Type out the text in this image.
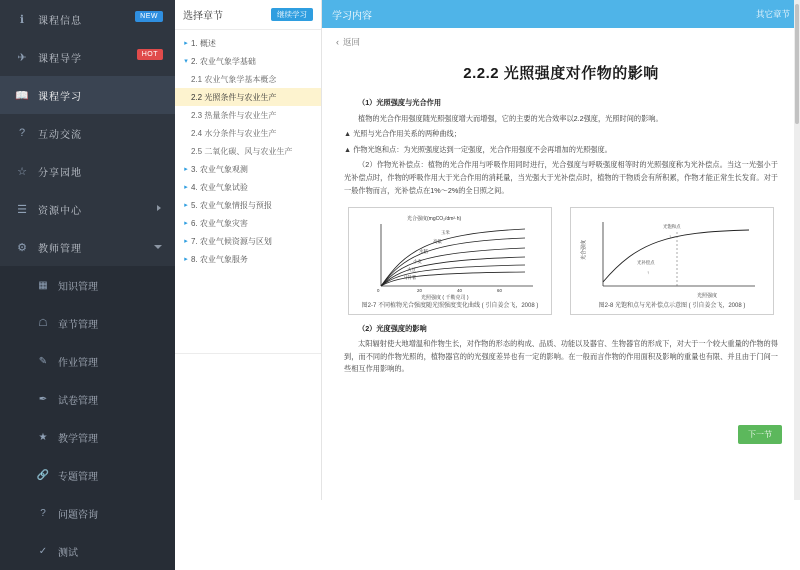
ℹ	课程信息	NEW
✈	课程导学	HOT
📖 课程学习
?	互动交流
☆	分享园地
☰	资源中心
⚙	教师管理
▦ 知识管理
☖ 章节管理
✎ 作业管理
✒ 试卷管理
★ 教学管理
🔗 专题管理
?	问题咨询
✓ 测试
选择章节	继续学习
▸ 1. 概述
▾ 2. 农业气象学基础
2.1 农业气象学基本概念
2.2 光照条件与农业生产
2.3 热量条件与农业生产
2.4 水分条件与农业生产
2.5 二氧化碳、风与农业生产
▸ 3. 农业气象观测
▸ 4. 农业气象试验
▸ 5. 农业气象情报与预报
▸ 6. 农业气象灾害
▸ 7. 农业气候资源与区划
▸ 8. 农业气象服务
学习内容	其它章节
‹ 返回
2.2.2 光照强度对作物的影响
（1）光照强度与光合作用
植物的光合作用强度随光照强度增大而增强，它的主要的光合效率以2.2强度，光照时间的影响。
▲ 光照与光合作用关系的两种曲线；
▲ 作物光饱和点：为光照强度达到一定强度，光合作用强度不会再增加的光照强度。
（2）作物光补偿点：植物的光合作用与呼吸作用同时进行，光合强度与呼吸强度相等时的光照强度称为光补偿点。当这一光强小于光补偿点时，作物的呼吸作用大于光合作用的消耗量，当光强大于光补偿点时，植物的干物质会有所积累，作物才能正常生长发育。对于一般作物而言，光补偿点在1%～2%的全日照之间。
光合强度(mgCO₂/dm²·h)
玉米
高粱
水稻
小麦
大豆
马铃薯
0	20	40	60
光照强度 ( 千勒克司 )
图2-7 不同植物光合强度随光照强度变化曲线 ( 引自姜会飞，2008 )
光合强度
光饱和点
↑
光补偿点
↑
光照强度
图2-8 光饱和点与光补偿点示意图 ( 引自姜会飞，2008 )
（2）光度强度的影响
太阳辐射使大地增温和作物生长，对作物的形态的构成、品质、功能以及器官、生物器官的形成下，对大于一个较大重量的作物的得到，而不同的作物光照的，植物器官的的光强度差异也有一定的影响。在一般而言作物的作用面积及影响的重量也有限、并且由于门间一些相互作用影响的。
下一节
